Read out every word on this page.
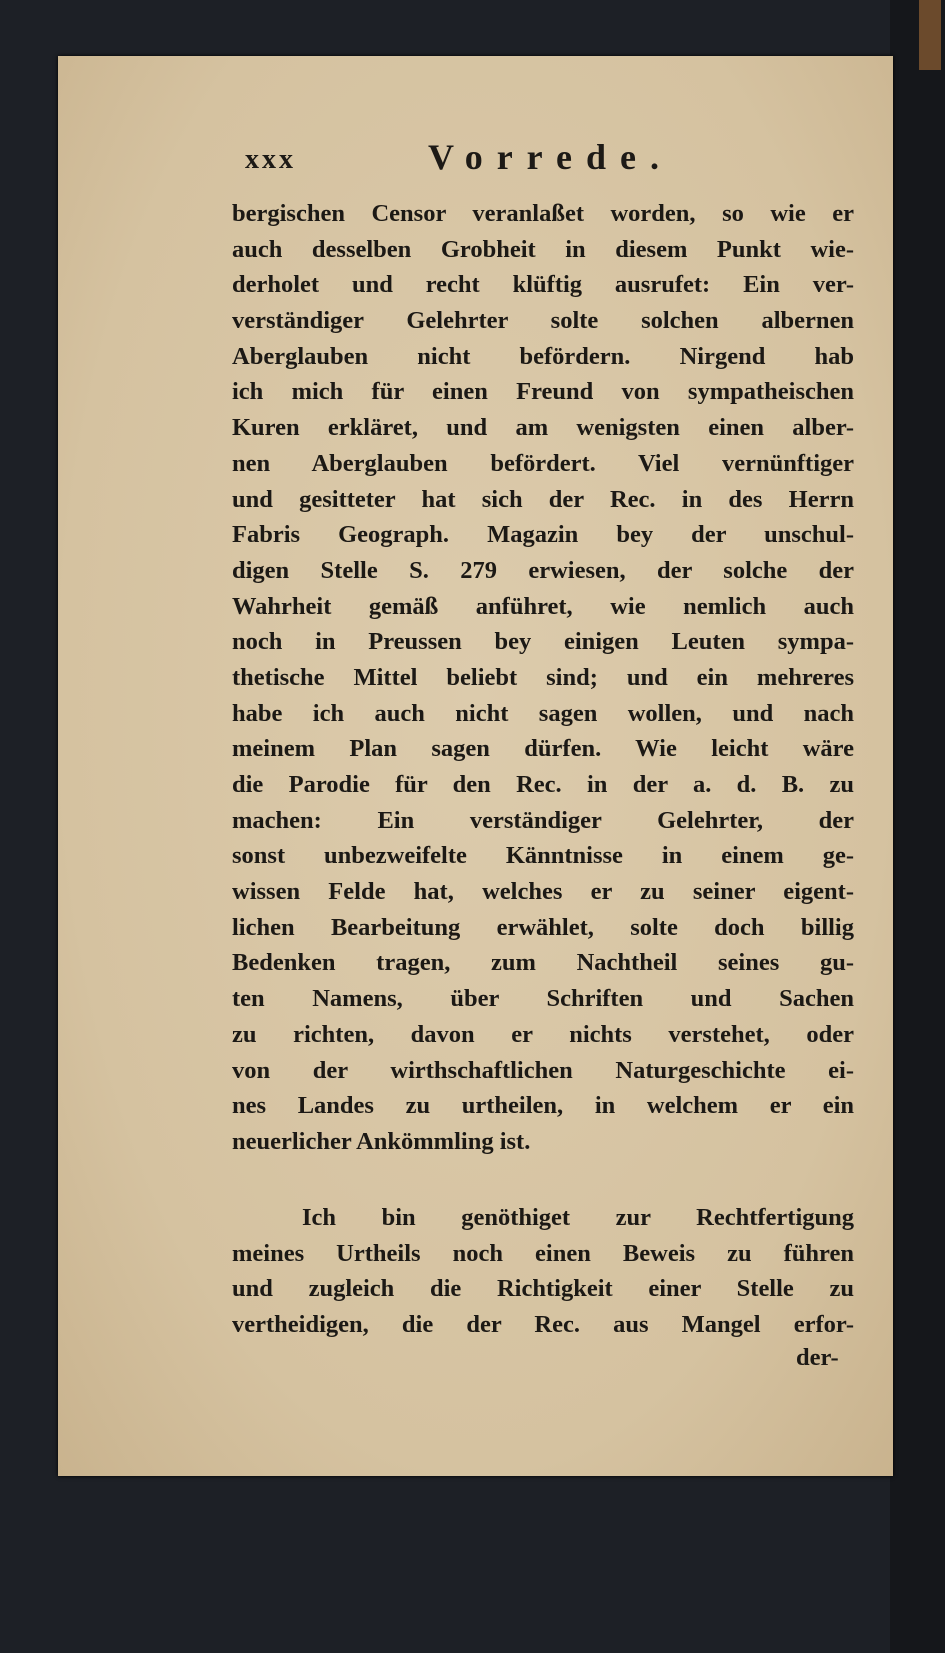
xxx	Vorrede.
bergischen Censor veranlaßet worden, so wie er
auch desselben Grobheit in diesem Punkt wie-
derholet und recht klüftig ausrufet: Ein ver-
verständiger Gelehrter solte solchen albernen
Aberglauben nicht befördern. Nirgend hab
ich mich für einen Freund von sympatheischen
Kuren erkläret, und am wenigsten einen alber-
nen Aberglauben befördert. Viel vernünftiger
und gesitteter hat sich der Rec. in des Herrn
Fabris Geograph. Magazin bey der unschul-
digen Stelle S. 279 erwiesen, der solche der
Wahrheit gemäß anführet, wie nemlich auch
noch in Preussen bey einigen Leuten sympa-
thetische Mittel beliebt sind; und ein mehreres
habe ich auch nicht sagen wollen, und nach
meinem Plan sagen dürfen. Wie leicht wäre
die Parodie für den Rec. in der a. d. B. zu
machen: Ein verständiger Gelehrter, der
sonst unbezweifelte Känntnisse in einem ge-
wissen Felde hat, welches er zu seiner eigent-
lichen Bearbeitung erwählet, solte doch billig
Bedenken tragen, zum Nachtheil seines gu-
ten Namens, über Schriften und Sachen
zu richten, davon er nichts verstehet, oder
von der wirthschaftlichen Naturgeschichte ei-
nes Landes zu urtheilen, in welchem er ein
neuerlicher Ankömmling ist.
Ich bin genöthiget zur Rechtfertigung
meines Urtheils noch einen Beweis zu führen
und zugleich die Richtigkeit einer Stelle zu
vertheidigen, die der Rec. aus Mangel erfor-
der-
